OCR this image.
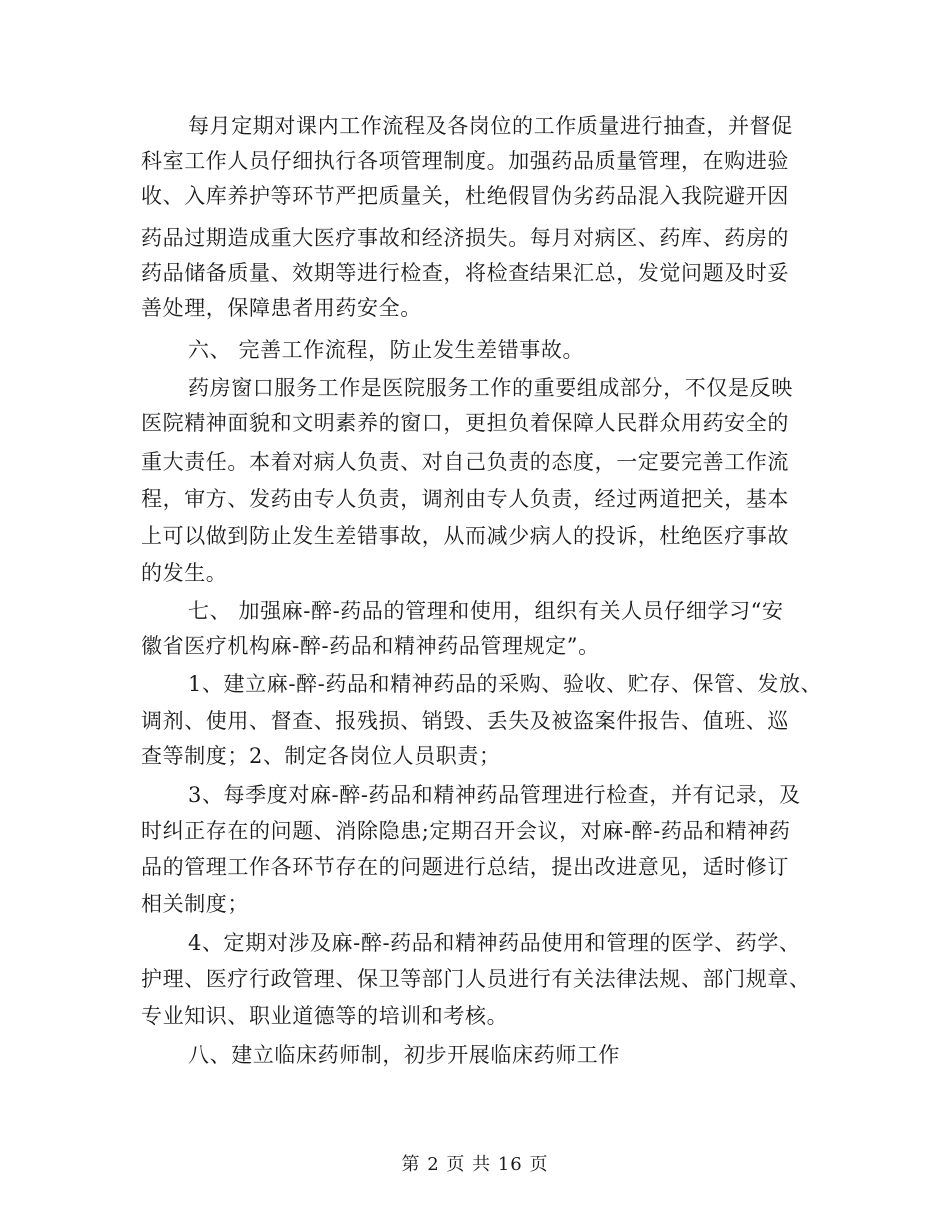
每月定期对课内工作流程及各岗位的工作质量进行抽查，并督促
科室工作人员仔细执行各项管理制度。加强药品质量管理，在购进验
收、入库养护等环节严把质量关，杜绝假冒伪劣药品混入我院避开因
药品过期造成重大医疗事故和经济损失。每月对病区、药库、药房的
药品储备质量、效期等进行检查，将检查结果汇总，发觉问题及时妥
善处理，保障患者用药安全。
六、 完善工作流程，防止发生差错事故。
药房窗口服务工作是医院服务工作的重要组成部分，不仅是反映
医院精神面貌和文明素养的窗口，更担负着保障人民群众用药安全的
重大责任。本着对病人负责、对自己负责的态度，一定要完善工作流
程，审方、发药由专人负责，调剂由专人负责，经过两道把关，基本
上可以做到防止发生差错事故，从而减少病人的投诉，杜绝医疗事故
的发生。
七、 加强麻-醉-药品的管理和使用，组织有关人员仔细学习“安
徽省医疗机构麻-醉-药品和精神药品管理规定”。
1、建立麻-醉-药品和精神药品的采购、验收、贮存、保管、发放、
调剂、使用、督查、报残损、销毁、丢失及被盗案件报告、值班、巡
查等制度；2、制定各岗位人员职责；
3、每季度对麻-醉-药品和精神药品管理进行检查，并有记录，及
时纠正存在的问题、消除隐患;定期召开会议，对麻-醉-药品和精神药
品的管理工作各环节存在的问题进行总结，提出改进意见，适时修订
相关制度；
4、定期对涉及麻-醉-药品和精神药品使用和管理的医学、药学、
护理、医疗行政管理、保卫等部门人员进行有关法律法规、部门规章、
专业知识、职业道德等的培训和考核。
八、建立临床药师制，初步开展临床药师工作
第 2 页 共 16 页
